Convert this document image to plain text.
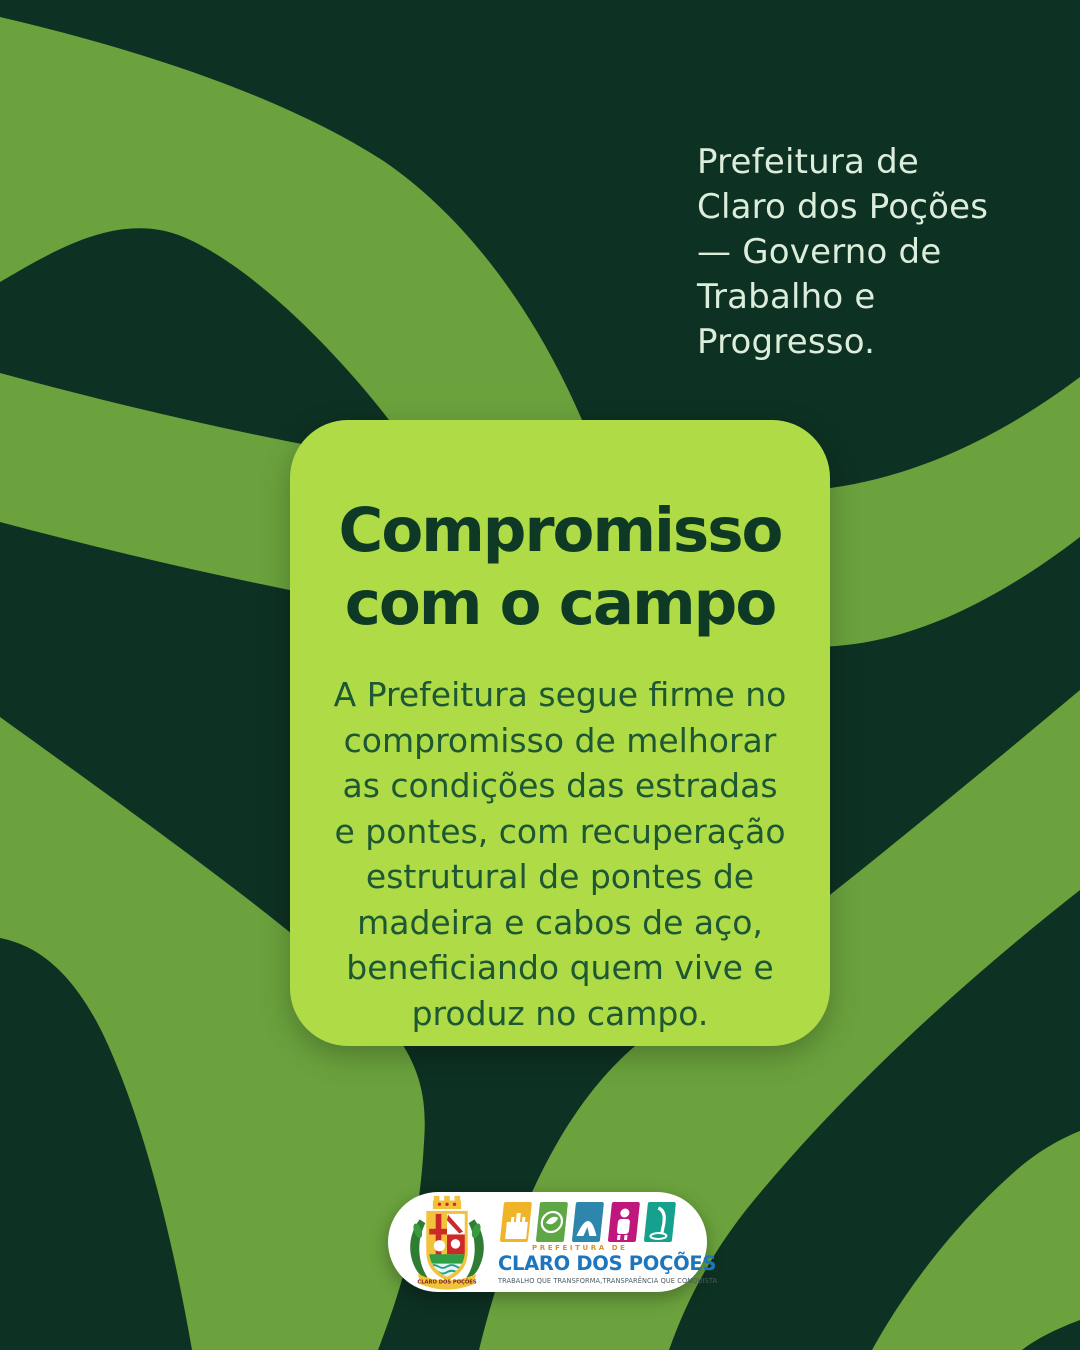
Prefeitura de
Claro dos Poções
— Governo de
Trabalho e
Progresso.
Compromisso
com o campo
A Prefeitura segue firme no
compromisso de melhorar
as condições das estradas
e pontes, com recuperação
estrutural de pontes de
madeira e cabos de aço,
beneficiando quem vive e
produz no campo.
CLARO DOS POÇÕES
PREFEITURA DE
CLARO DOS POÇÕES
TRABALHO QUE TRANSFORMA,TRANSPARÊNCIA QUE CONQUISTA
